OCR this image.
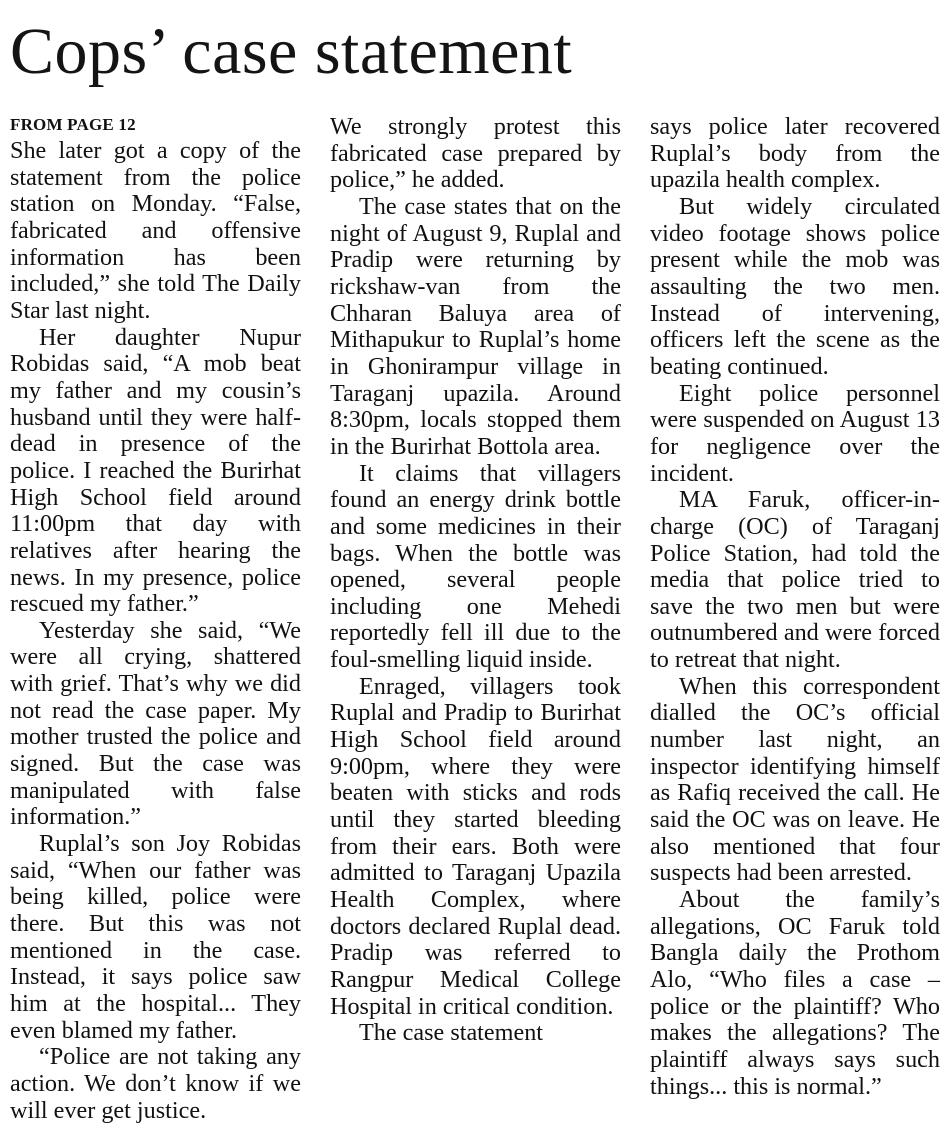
Cops’ case statement
FROM PAGE 12

She later got a copy of the statement from the police station on Monday. “False, fabricated and offensive information has been included,” she told The Daily Star last night.

Her daughter Nupur Robidas said, “A mob beat my father and my cousin’s husband until they were half-dead in presence of the police. I reached the Burirhat High School field around 11:00pm that day with relatives after hearing the news. In my presence, police rescued my father.”

Yesterday she said, “We were all crying, shattered with grief. That’s why we did not read the case paper. My mother trusted the police and signed. But the case was manipulated with false information.”

Ruplal’s son Joy Robidas said, “When our father was being killed, police were there. But this was not mentioned in the case. Instead, it says police saw him at the hospital... They even blamed my father.

“Police are not taking any action. We don’t know if we will ever get justice.

We strongly protest this fabricated case prepared by police,” he added.

The case states that on the night of August 9, Ruplal and Pradip were returning by rickshaw-van from the Chharan Baluya area of Mithapukur to Ruplal’s home in Ghonirampur village in Taraganj upazila. Around 8:30pm, locals stopped them in the Burirhat Bottola area.

It claims that villagers found an energy drink bottle and some medicines in their bags. When the bottle was opened, several people including one Mehedi reportedly fell ill due to the foul-smelling liquid inside.

Enraged, villagers took Ruplal and Pradip to Burirhat High School field around 9:00pm, where they were beaten with sticks and rods until they started bleeding from their ears. Both were admitted to Taraganj Upazila Health Complex, where doctors declared Ruplal dead. Pradip was referred to Rangpur Medical College Hospital in critical condition.

The case statement

says police later recovered Ruplal’s body from the upazila health complex.

But widely circulated video footage shows police present while the mob was assaulting the two men. Instead of intervening, officers left the scene as the beating continued.

Eight police personnel were suspended on August 13 for negligence over the incident.

MA Faruk, officer-in-charge (OC) of Taraganj Police Station, had told the media that police tried to save the two men but were outnumbered and were forced to retreat that night.

When this correspondent dialled the OC’s official number last night, an inspector identifying himself as Rafiq received the call. He said the OC was on leave. He also mentioned that four suspects had been arrested.

About the family’s allegations, OC Faruk told Bangla daily the Prothom Alo, “Who files a case – police or the plaintiff? Who makes the allegations? The plaintiff always says such things... this is normal.”
